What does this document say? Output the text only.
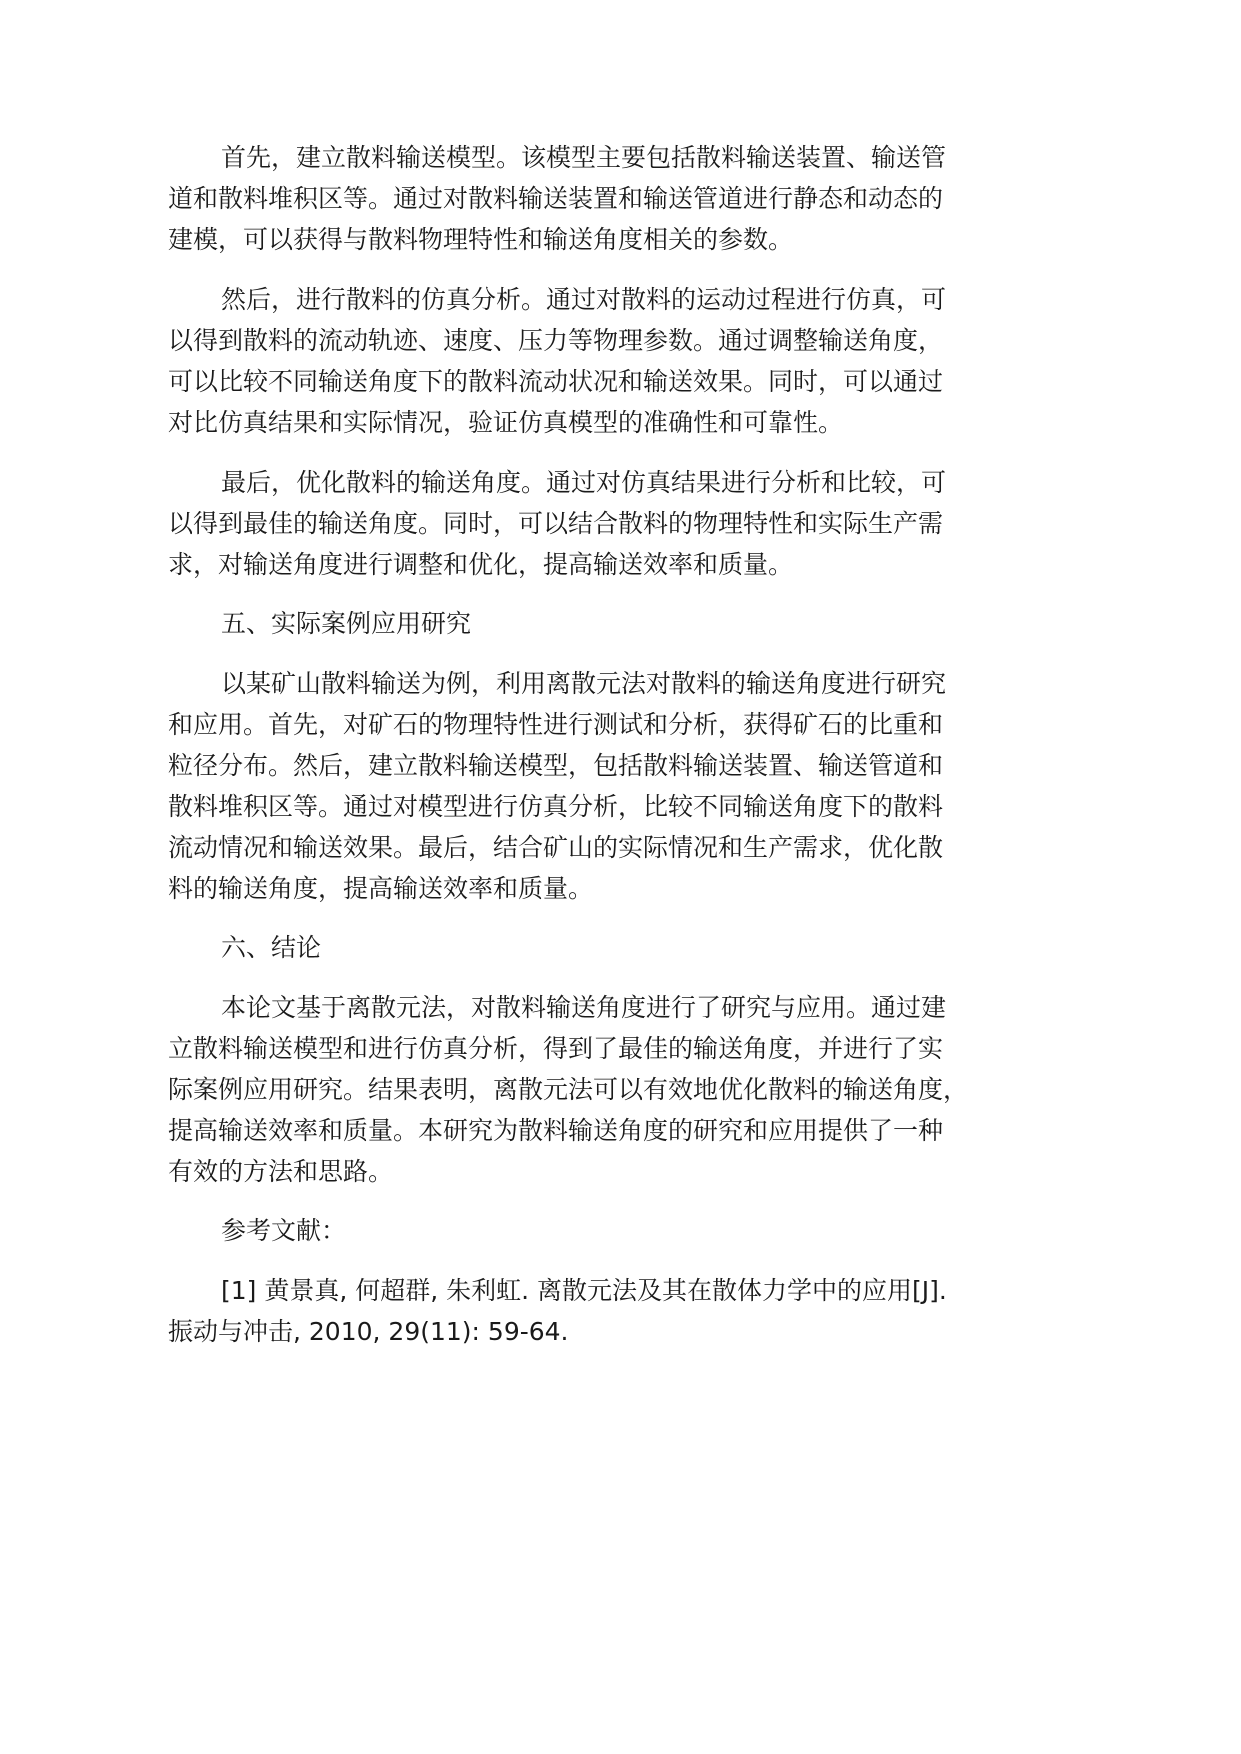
首先，建立散料输送模型。该模型主要包括散料输送装置、输送管
道和散料堆积区等。通过对散料输送装置和输送管道进行静态和动态的
建模，可以获得与散料物理特性和输送角度相关的参数。
然后，进行散料的仿真分析。通过对散料的运动过程进行仿真，可
以得到散料的流动轨迹、速度、压力等物理参数。通过调整输送角度，
可以比较不同输送角度下的散料流动状况和输送效果。同时，可以通过
对比仿真结果和实际情况，验证仿真模型的准确性和可靠性。
最后，优化散料的输送角度。通过对仿真结果进行分析和比较，可
以得到最佳的输送角度。同时，可以结合散料的物理特性和实际生产需
求，对输送角度进行调整和优化，提高输送效率和质量。
五、实际案例应用研究
以某矿山散料输送为例，利用离散元法对散料的输送角度进行研究
和应用。首先，对矿石的物理特性进行测试和分析，获得矿石的比重和
粒径分布。然后，建立散料输送模型，包括散料输送装置、输送管道和
散料堆积区等。通过对模型进行仿真分析，比较不同输送角度下的散料
流动情况和输送效果。最后，结合矿山的实际情况和生产需求，优化散
料的输送角度，提高输送效率和质量。
六、结论
本论文基于离散元法，对散料输送角度进行了研究与应用。通过建
立散料输送模型和进行仿真分析，得到了最佳的输送角度，并进行了实
际案例应用研究。结果表明，离散元法可以有效地优化散料的输送角度，
提高输送效率和质量。本研究为散料输送角度的研究和应用提供了一种
有效的方法和思路。
参考文献：
[1] 黄景真, 何超群, 朱利虹. 离散元法及其在散体力学中的应用[J].
振动与冲击, 2010, 29(11): 59-64.
